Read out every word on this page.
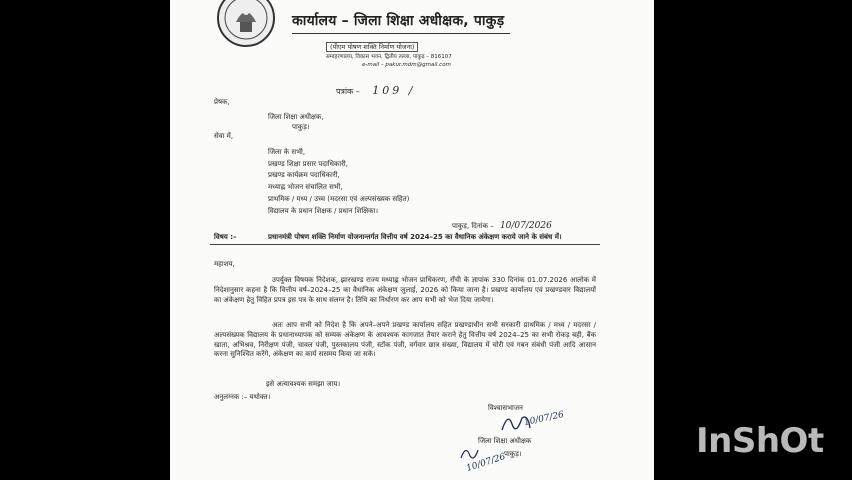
कार्यालय – जिला शिक्षा अधीक्षक, पाकुड़
(पीएम पोषण शक्ति निर्माण योजना)
समाहरणालय, विकास भवन, द्वितीय तल्ला, पाकुड़ – 816107
e-mail – pakur.mdm@gmail.com
पत्रांक – 109 /
प्रेषक,
जिला शिक्षा अधीक्षक,
पाकुड़।
सेवा में,
जिला के सभी,
प्रखण्ड शिक्षा प्रसार पदाधिकारी,
प्रखण्ड कार्यक्रम पदाधिकारी,
मध्याह्न भोजन संचालित सभी,
प्राथमिक / मध्य / उच्च (मदरसा एवं अल्पसंख्यक सहित)
विद्यालय के प्रधान शिक्षक / प्रधान शिक्षिका।
पाकुड़, दिनांक – 10/07/2026
विषय :–	प्रधानमंत्री पोषण शक्ति निर्माण योजनान्तर्गत वित्तीय वर्ष 2024–25 का वैधानिक अंकेक्षण कराये जाने के संबंध में।
महाशय,
उपर्युक्त विषयक निदेशक, झारखण्ड राज्य मध्याह्न भोजन प्राधिकरण, राँची के ज्ञापांक 330 दिनांक 01.07.2026 आलोक में निदेशानुसार कहना है कि वित्तीय वर्ष–2024–25 का वैधानिक अंकेक्षण जुलाई, 2026 को किया जाना है। प्रखण्ड कार्यालय एवं प्रखण्डवार विद्यालयों का अंकेक्षण हेतु विहित प्रपत्र इस पत्र के साथ संलग्न है। तिथि का निर्धारण कर आप सभी को भेज दिया जायेगा।
अतः आप सभी को निदेश है कि अपने–अपने प्रखण्ड कार्यालय सहित प्रखण्डाधीन सभी सरकारी प्राथमिक / मध्य / मदरसा / अल्पसंख्यक विद्यालय के प्रधानाध्यापक को सम्यक अंकेक्षण के आवश्यक कागजात तैयार कराने हेतु वित्तीय वर्ष 2024–25 का सभी रोकड़ बही, बैंक खाता, अभिश्रव, निरीक्षण पंजी, चावल पंजी, पुस्तकालय पंजी, स्टॉक पंजी, वर्गवार छात्र संख्या, विद्यालय में चोरी एवं गबन संबंधी पंजी आदि आसान करना सुनिश्चित करेंगे, अंकेक्षण का कार्य ससमय किया जा सके।
इसे अत्यावश्यक समझा जाय।
अनुलग्नक :– यथोक्त।
विश्वासभाजन
10/07/26
जिला शिक्षा अधीक्षक
पाकुड़।
10/07/26
InShOt
